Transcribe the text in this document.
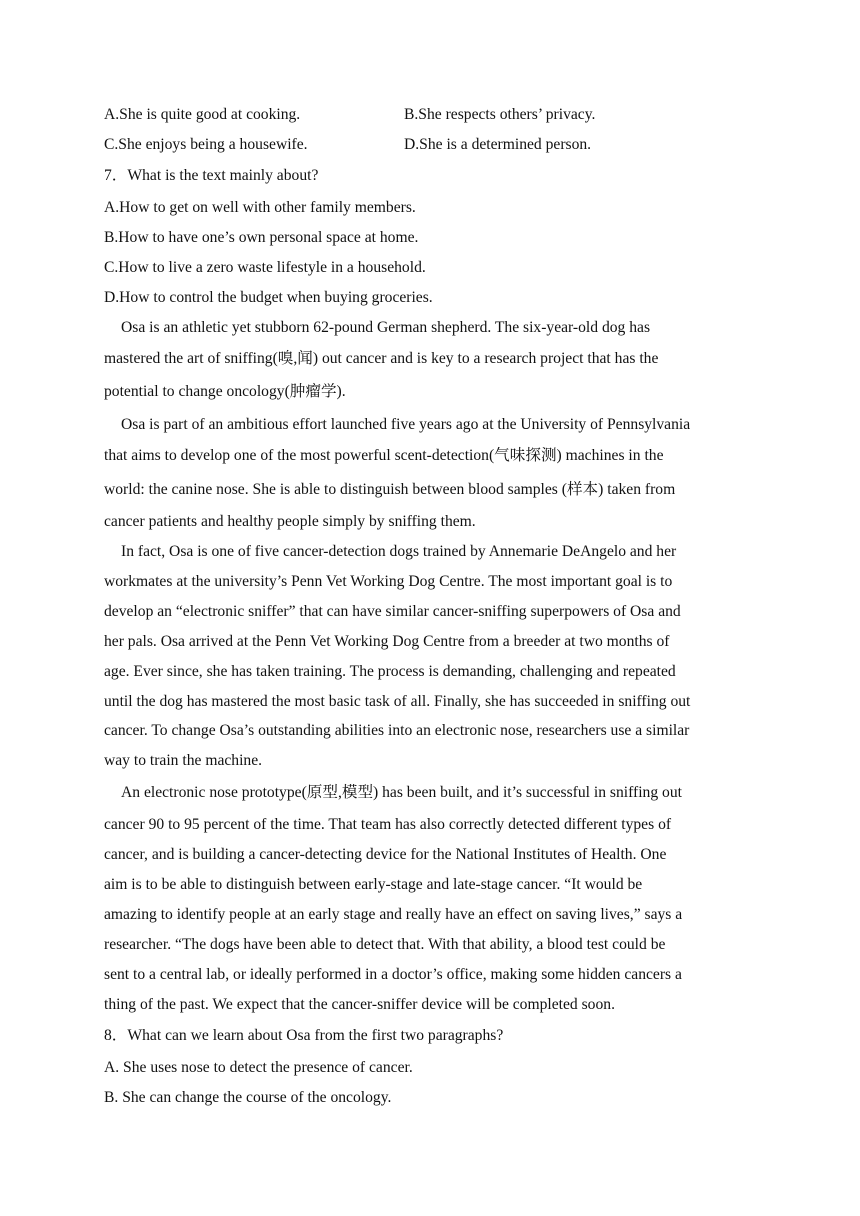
A.She is quite good at cooking.	B.She respects others’ privacy.
C.She enjoys being a housewife.	D.She is a determined person.
7．What is the text mainly about?
A.How to get on well with other family members.
B.How to have one’s own personal space at home.
C.How to live a zero waste lifestyle in a household.
D.How to control the budget when buying groceries.
Osa is an athletic yet stubborn 62-pound German shepherd. The six-year-old dog has
mastered the art of sniffing(嗅,闻) out cancer and is key to a research project that has the
potential to change oncology(肿瘤学).
Osa is part of an ambitious effort launched five years ago at the University of Pennsylvania
that aims to develop one of the most powerful scent-detection(气味探测) machines in the
world: the canine nose. She is able to distinguish between blood samples (样本) taken from
cancer patients and healthy people simply by sniffing them.
In fact, Osa is one of five cancer-detection dogs trained by Annemarie DeAngelo and her
workmates at the university’s Penn Vet Working Dog Centre. The most important goal is to
develop an “electronic sniffer” that can have similar cancer-sniffing superpowers of Osa and
her pals. Osa arrived at the Penn Vet Working Dog Centre from a breeder at two months of
age. Ever since, she has taken training. The process is demanding, challenging and repeated
until the dog has mastered the most basic task of all. Finally, she has succeeded in sniffing out
cancer. To change Osa’s outstanding abilities into an electronic nose, researchers use a similar
way to train the machine.
An electronic nose prototype(原型,模型) has been built, and it’s successful in sniffing out
cancer 90 to 95 percent of the time. That team has also correctly detected different types of
cancer, and is building a cancer-detecting device for the National Institutes of Health. One
aim is to be able to distinguish between early-stage and late-stage cancer. “It would be
amazing to identify people at an early stage and really have an effect on saving lives,” says a
researcher. “The dogs have been able to detect that. With that ability, a blood test could be
sent to a central lab, or ideally performed in a doctor’s office, making some hidden cancers a
thing of the past. We expect that the cancer-sniffer device will be completed soon.
8．What can we learn about Osa from the first two paragraphs?
A. She uses nose to detect the presence of cancer.
B. She can change the course of the oncology.
